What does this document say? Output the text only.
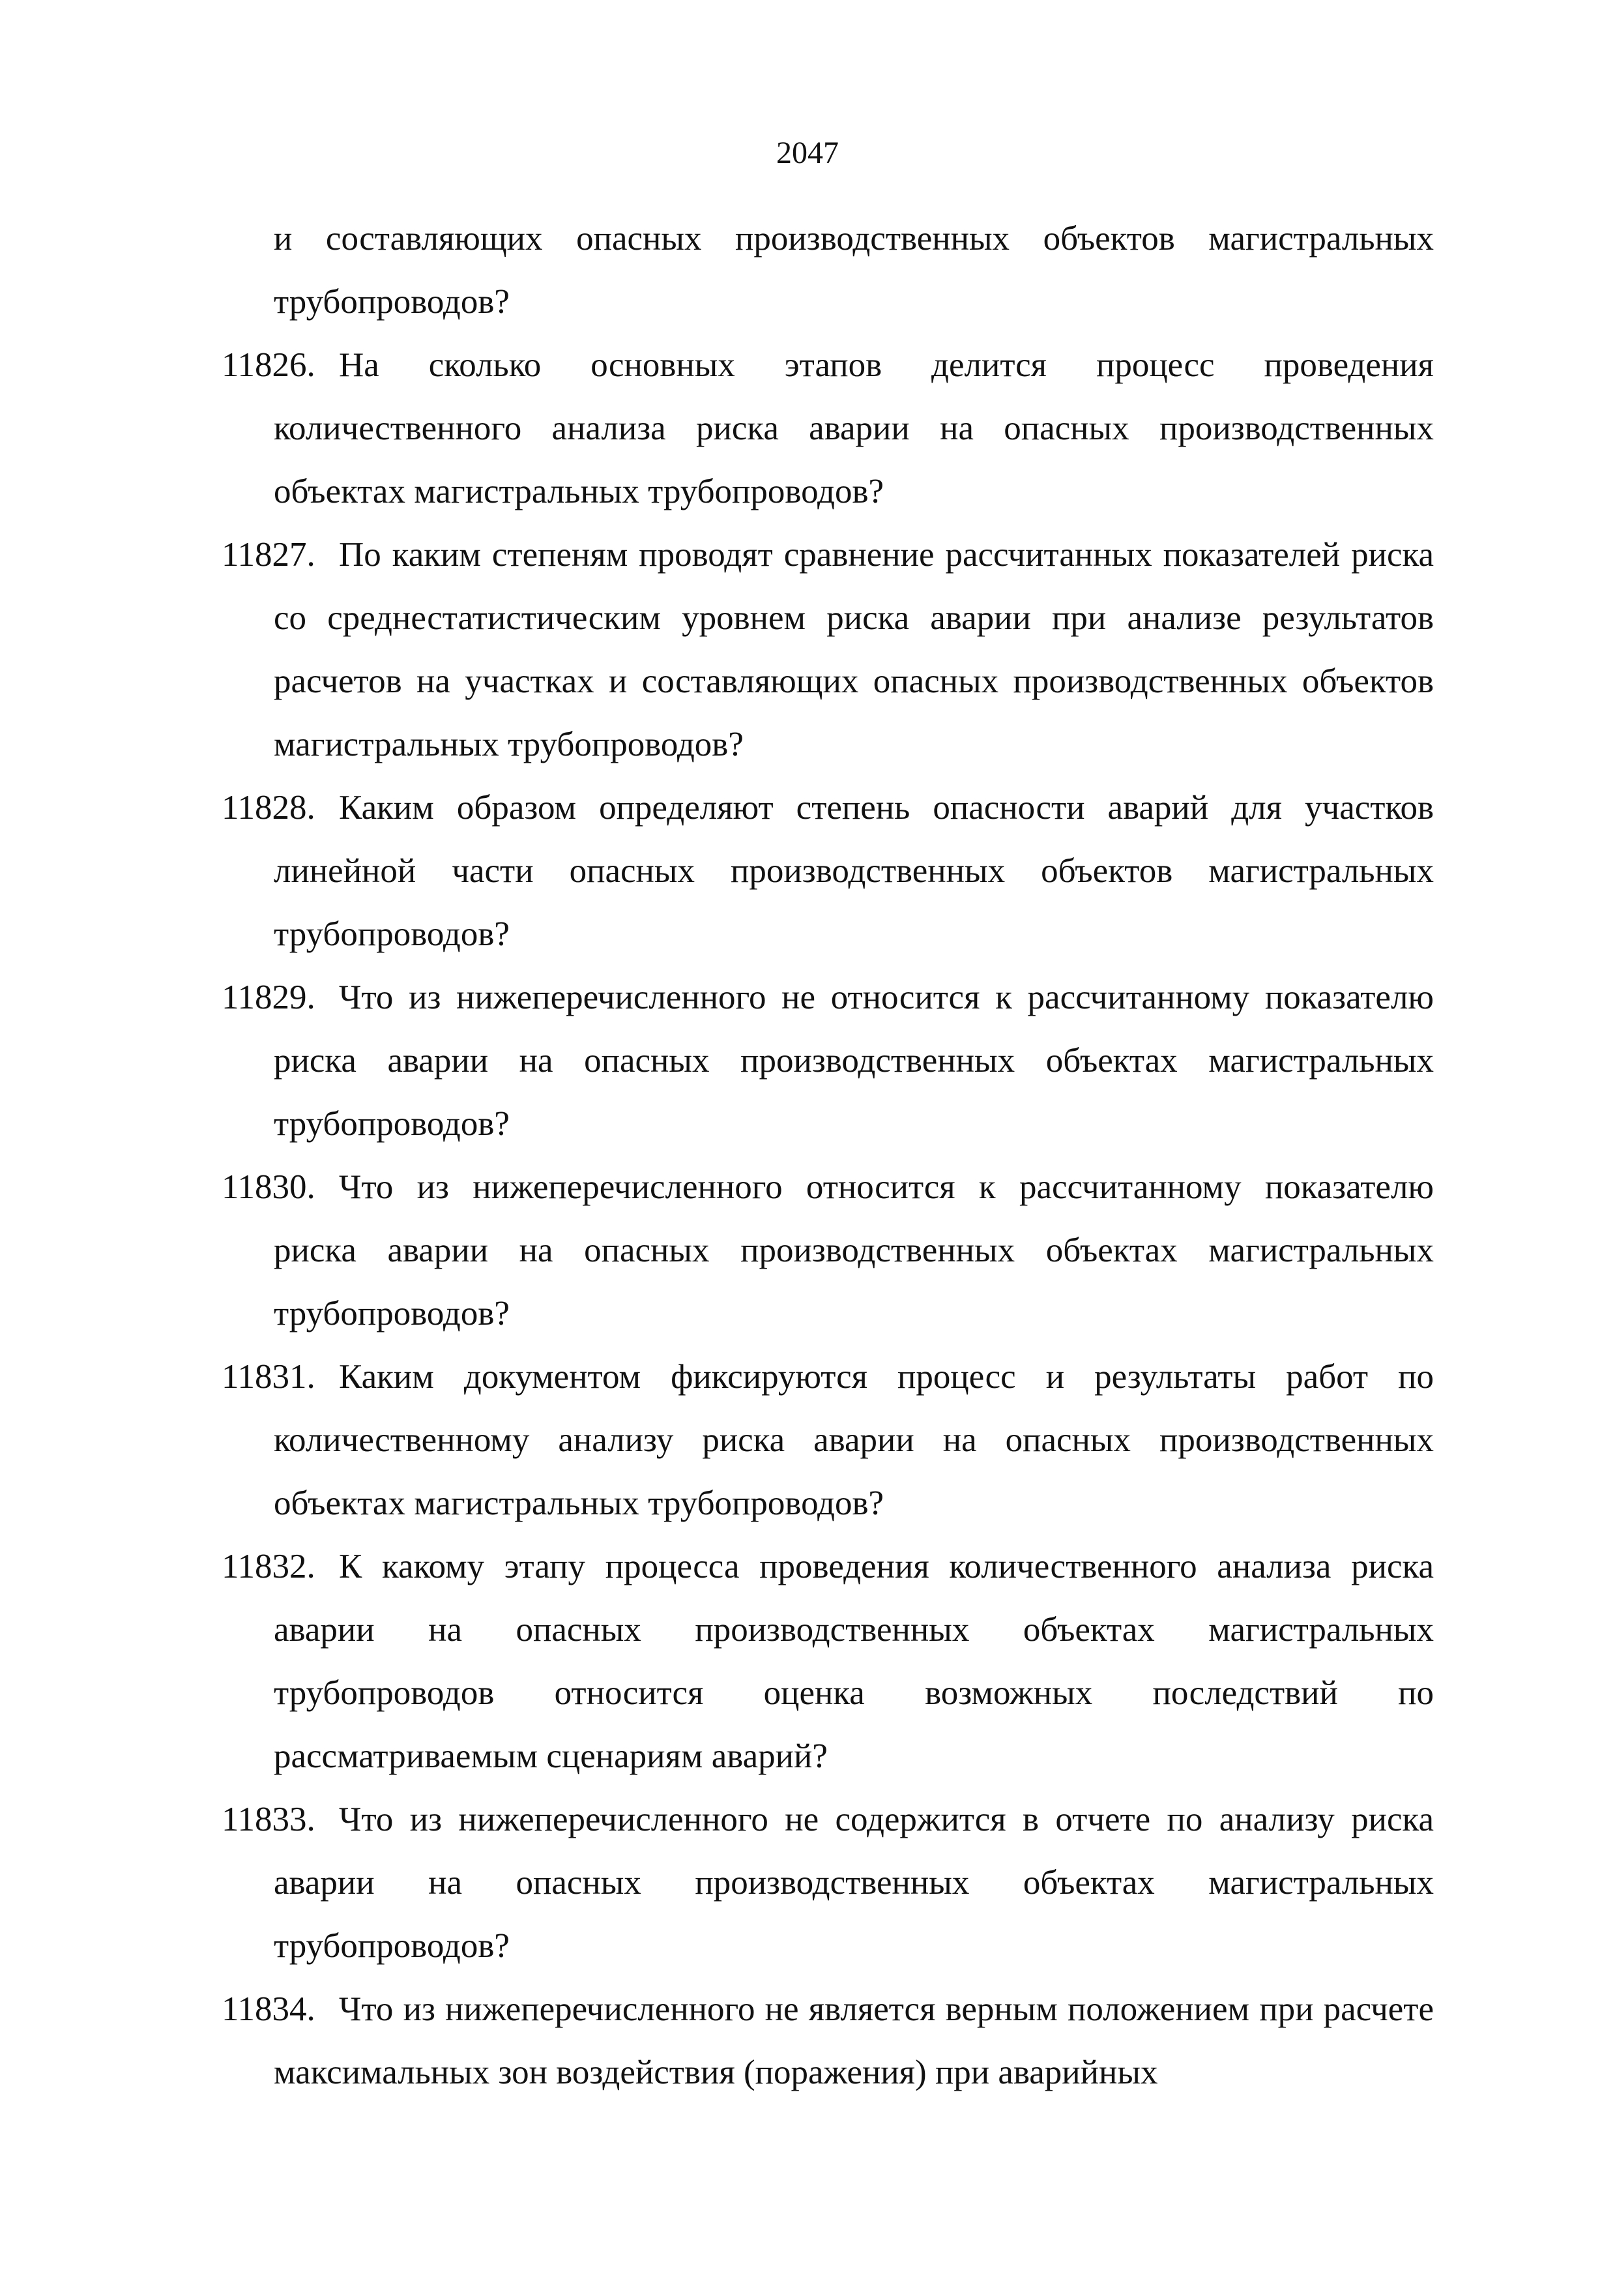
2047

и составляющих опасных производственных объектов магистральных трубопроводов?

11826. На сколько основных этапов делится процесс проведения количественного анализа риска аварии на опасных производственных объектах магистральных трубопроводов?
11827. По каким степеням проводят сравнение рассчитанных показателей риска со среднестатистическим уровнем риска аварии при анализе результатов расчетов на участках и составляющих опасных производственных объектов магистральных трубопроводов?
11828. Каким образом определяют степень опасности аварий для участков линейной части опасных производственных объектов магистральных трубопроводов?
11829. Что из нижеперечисленного не относится к рассчитанному показателю риска аварии на опасных производственных объектах магистральных трубопроводов?
11830. Что из нижеперечисленного относится к рассчитанному показателю риска аварии на опасных производственных объектах магистральных трубопроводов?
11831. Каким документом фиксируются процесс и результаты работ по количественному анализу риска аварии на опасных производственных объектах магистральных трубопроводов?
11832. К какому этапу процесса проведения количественного анализа риска аварии на опасных производственных объектах магистральных трубопроводов относится оценка возможных последствий по рассматриваемым сценариям аварий?
11833. Что из нижеперечисленного не содержится в отчете по анализу риска аварии на опасных производственных объектах магистральных трубопроводов?
11834. Что из нижеперечисленного не является верным положением при расчете максимальных зон воздействия (поражения) при аварийных
